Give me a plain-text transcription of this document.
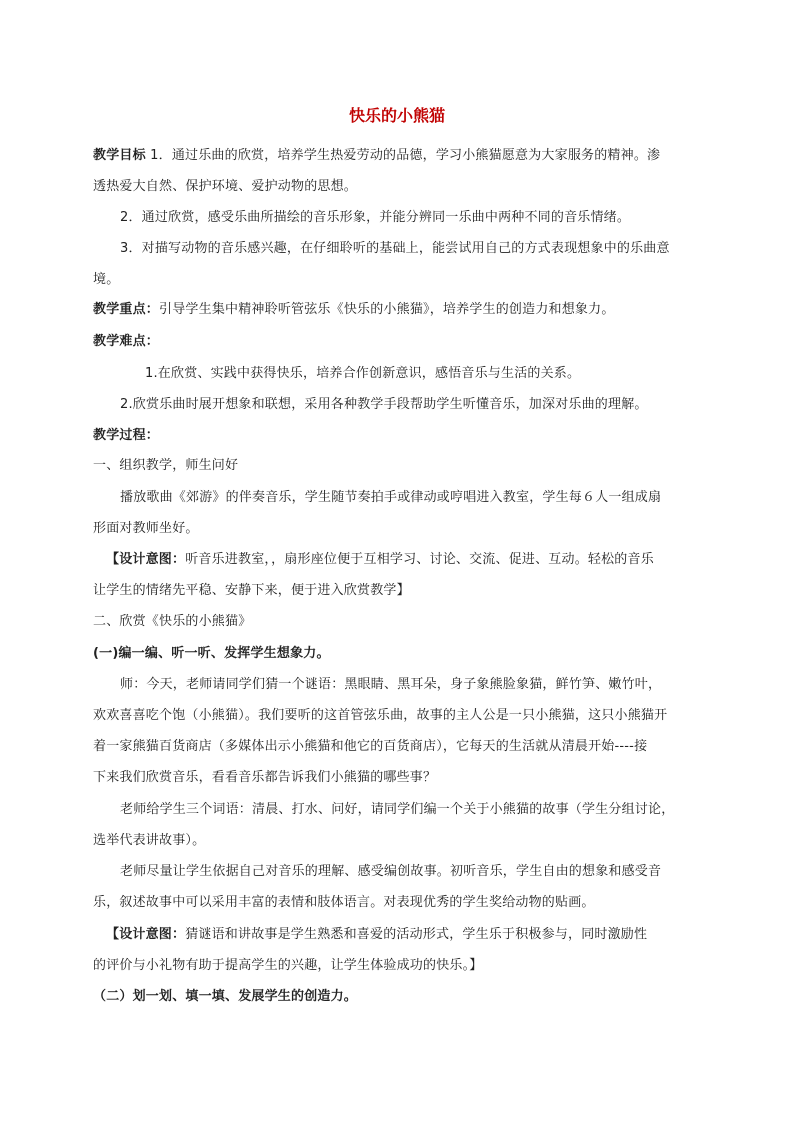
快乐的小熊猫
教学目标 1．通过乐曲的欣赏，培养学生热爱劳动的品德，学习小熊猫愿意为大家服务的精神。渗
透热爱大自然、保护环境、爱护动物的思想。
2．通过欣赏，感受乐曲所描绘的音乐形象，并能分辨同一乐曲中两种不同的音乐情绪。
3．对描写动物的音乐感兴趣，在仔细聆听的基础上，能尝试用自己的方式表现想象中的乐曲意
境。
教学重点：引导学生集中精神聆听管弦乐《快乐的小熊猫》，培养学生的创造力和想象力。
教学难点：
1.在欣赏、实践中获得快乐，培养合作创新意识，感悟音乐与生活的关系。
2.欣赏乐曲时展开想象和联想，采用各种教学手段帮助学生听懂音乐，加深对乐曲的理解。
教学过程：
一、组织教学，师生问好
播放歌曲《郊游》的伴奏音乐，学生随节奏拍手或律动或哼唱进入教室，学生每６人一组成扇
形面对教师坐好。
【设计意图：听音乐进教室，，扇形座位便于互相学习、讨论、交流、促进、互动。轻松的音乐
让学生的情绪先平稳、安静下来，便于进入欣赏教学】
二、欣赏《快乐的小熊猫》
(一)编一编、听一听、发挥学生想象力。
师：今天，老师请同学们猜一个谜语：黑眼睛、黑耳朵，身子象熊脸象猫，鲜竹笋、嫩竹叶，
欢欢喜喜吃个饱（小熊猫）。我们要听的这首管弦乐曲，故事的主人公是一只小熊猫，这只小熊猫开
着一家熊猫百货商店（多媒体出示小熊猫和他它的百货商店），它每天的生活就从清晨开始----接
下来我们欣赏音乐，看看音乐都告诉我们小熊猫的哪些事？
老师给学生三个词语：清晨、打水、问好，请同学们编一个关于小熊猫的故事（学生分组讨论，
选举代表讲故事）。
老师尽量让学生依据自己对音乐的理解、感受编创故事。初听音乐，学生自由的想象和感受音
乐，叙述故事中可以采用丰富的表情和肢体语言。对表现优秀的学生奖给动物的贴画。
【设计意图：猜谜语和讲故事是学生熟悉和喜爱的活动形式，学生乐于积极参与，同时激励性
的评价与小礼物有助于提高学生的兴趣，让学生体验成功的快乐。】
（二）划一划、填一填、发展学生的创造力。
